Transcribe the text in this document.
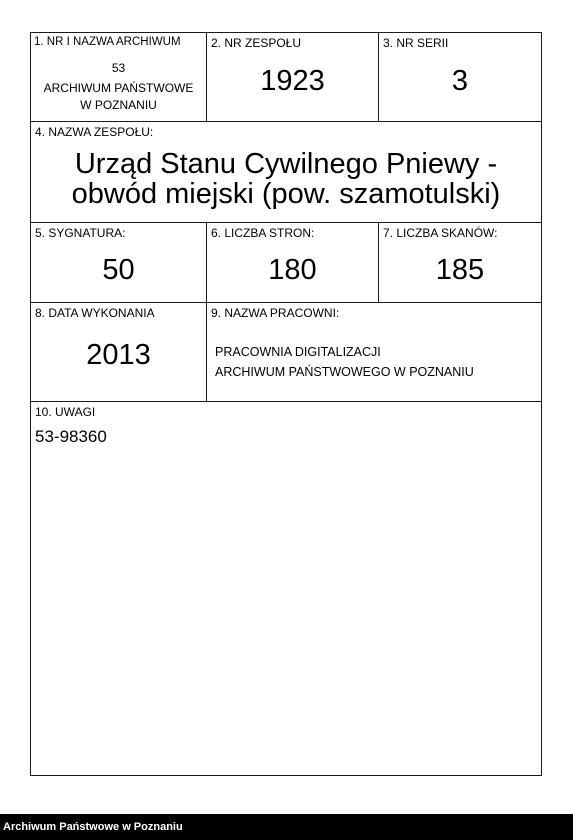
1. NR I NAZWA ARCHIWUM
53
ARCHIWUM PAŃSTWOWE
W POZNANIU
2. NR ZESPOŁU
1923
3. NR SERII
3
4. NAZWA ZESPOŁU:
Urząd Stanu Cywilnego Pniewy -
obwód miejski (pow. szamotulski)
5. SYGNATURA:
50
6. LICZBA STRON:
180
7. LICZBA SKANÓW:
185
8. DATA WYKONANIA
2013
9. NAZWA PRACOWNI:
PRACOWNIA DIGITALIZACJI
ARCHIWUM PAŃSTWOWEGO W POZNANIU
10. UWAGI
53-98360
Archiwum Państwowe w Poznaniu
